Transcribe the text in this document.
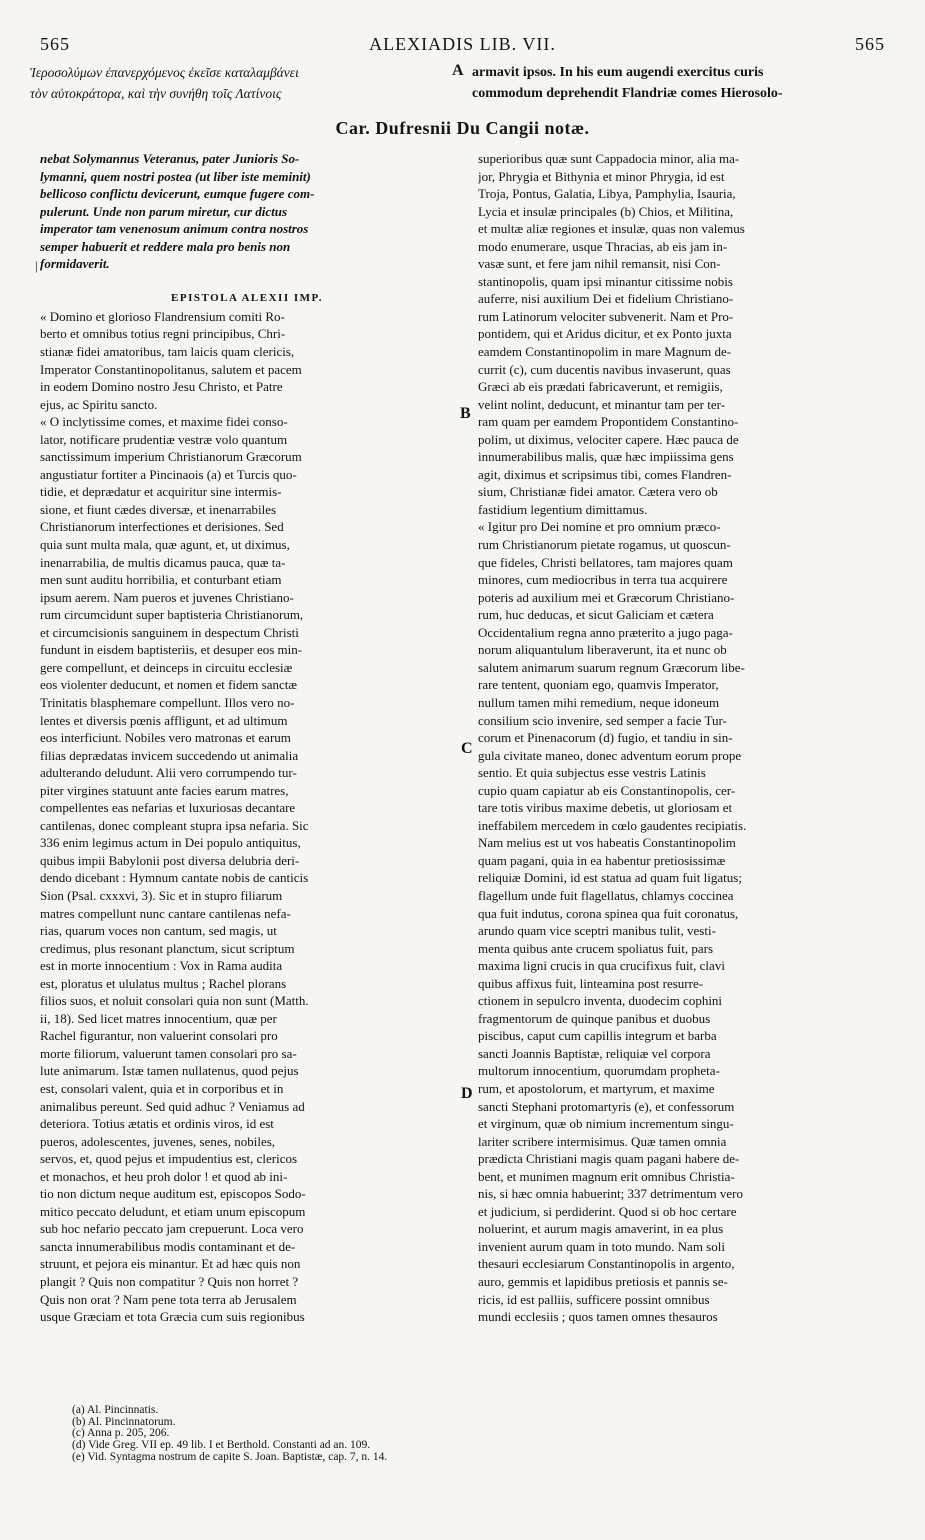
565	ALEXIADIS LIB. VII.	565

Ἱεροσολύμων ἐπανερχόμενος ἐκεῖσε καταλαμβάνει

τὸν αὐτοκράτορα, καὶ τὴν συνήθη τοῖς Λατίνοις

A armavit ipsos. In his eum augendi exercitus curis

commodum deprehendit Flandriæ comes Hierosolo-

Car. Dufresnii Du Cangii notæ.
|

nebat Solymannus Veteranus, pater Junioris So-

lymanni, quem nostri postea (ut liber iste meminit)

bellicoso conflictu devicerunt, eumque fugere com-

pulerunt. Unde non parum miretur, cur dictus

imperator tam venenosum animum contra nostros

semper habuerit et reddere mala pro benis non

formidaverit.

EPISTOLA ALEXII IMP.

« Domino et glorioso Flandrensium comiti Ro-

berto et omnibus totius regni principibus, Chri-

stianæ fidei amatoribus, tam laicis quam clericis,

Imperator Constantinopolitanus, salutem et pacem

in eodem Domino nostro Jesu Christo, et Patre

ejus, ac Spiritu sancto.

« O inclytissime comes, et maxime fidei conso-

lator, notificare prudentiæ vestræ volo quantum

sanctissimum imperium Christianorum Græcorum

angustiatur fortiter a Pincinaois (a) et Turcis quo-

tidie, et deprædatur et acquiritur sine intermis-

sione, et fiunt cædes diversæ, et inenarrabiles

Christianorum interfectiones et derisiones. Sed

quia sunt multa mala, quæ agunt, et, ut diximus,

inenarrabilia, de multis dicamus pauca, quæ ta-

men sunt auditu horribilia, et conturbant etiam

ipsum aerem. Nam pueros et juvenes Christiano-

rum circumcidunt super baptisteria Christianorum,

et circumcisionis sanguinem in despectum Christi

fundunt in eisdem baptisteriis, et desuper eos min-

gere compellunt, et deinceps in circuitu ecclesiæ

eos violenter deducunt, et nomen et fidem sanctæ

Trinitatis blasphemare compellunt. Illos vero no-

lentes et diversis pœnis affligunt, et ad ultimum

eos interficiunt. Nobiles vero matronas et earum

filias deprædatas invicem succedendo ut animalia

adulterando deludunt. Alii vero corrumpendo tur-

piter virgines statuunt ante facies earum matres,

compellentes eas nefarias et luxuriosas decantare

cantilenas, donec compleant stupra ipsa nefaria. Sic

336 enim legimus actum in Dei populo antiquitus,

quibus impii Babylonii post diversa delubria deri-

dendo dicebant : Hymnum cantate nobis de canticis

Sion (Psal. cxxxvi, 3). Sic et in stupro filiarum

matres compellunt nunc cantare cantilenas nefa-

rias, quarum voces non cantum, sed magis, ut

credimus, plus resonant planctum, sicut scriptum

est in morte innocentium : Vox in Rama audita

est, ploratus et ululatus multus ; Rachel plorans

filios suos, et noluit consolari quia non sunt (Matth.

ii, 18). Sed licet matres innocentium, quæ per

Rachel figurantur, non valuerint consolari pro

morte filiorum, valuerunt tamen consolari pro sa-

lute animarum. Istæ tamen nullatenus, quod pejus

est, consolari valent, quia et in corporibus et in

animalibus pereunt. Sed quid adhuc ? Veniamus ad

deteriora. Totius ætatis et ordinis viros, id est

pueros, adolescentes, juvenes, senes, nobiles,

servos, et, quod pejus et impudentius est, clericos

et monachos, et heu proh dolor ! et quod ab ini-

tio non dictum neque auditum est, episcopos Sodo-

mitico peccato deludunt, et etiam unum episcopum

sub hoc nefario peccato jam crepuerunt. Loca vero

sancta innumerabilibus modis contaminant et de-

struunt, et pejora eis minantur. Et ad hæc quis non

plangit ? Quis non compatitur ? Quis non horret ?

Quis non orat ? Nam pene tota terra ab Jerusalem

usque Græciam et tota Græcia cum suis regionibus

superioribus quæ sunt Cappadocia minor, alia ma-

jor, Phrygia et Bithynia et minor Phrygia, id est

Troja, Pontus, Galatia, Libya, Pamphylia, Isauria,

Lycia et insulæ principales (b) Chios, et Militina,

et multæ aliæ regiones et insulæ, quas non valemus

modo enumerare, usque Thracias, ab eis jam in-

vasæ sunt, et fere jam nihil remansit, nisi Con-

stantinopolis, quam ipsi minantur citissime nobis

auferre, nisi auxilium Dei et fidelium Christiano-

rum Latinorum velociter subvenerit. Nam et Pro-

pontidem, qui et Aridus dicitur, et ex Ponto juxta

eamdem Constantinopolim in mare Magnum de-

currit (c), cum ducentis navibus invaserunt, quas

Græci ab eis prædati fabricaverunt, et remigiis,

velint nolint, deducunt, et minantur tam per ter-

ram quam per eamdem Propontidem Constantino-

polim, ut diximus, velociter capere. Hæc pauca de

innumerabilibus malis, quæ hæc impiissima gens

agit, diximus et scripsimus tibi, comes Flandren-

sium, Christianæ fidei amator. Cætera vero ob

fastidium legentium dimittamus.

« Igitur pro Dei nomine et pro omnium præco-

rum Christianorum pietate rogamus, ut quoscun-

que fideles, Christi bellatores, tam majores quam

minores, cum mediocribus in terra tua acquirere

poteris ad auxilium mei et Græcorum Christiano-

rum, huc deducas, et sicut Galiciam et cætera

Occidentalium regna anno præterito a jugo paga-

norum aliquantulum liberaverunt, ita et nunc ob

salutem animarum suarum regnum Græcorum libe-

rare tentent, quoniam ego, quamvis Imperator,

nullum tamen mihi remedium, neque idoneum

consilium scio invenire, sed semper a facie Tur-

corum et Pinenacorum (d) fugio, et tandiu in sin-

gula civitate maneo, donec adventum eorum prope

sentio. Et quia subjectus esse vestris Latinis

cupio quam capiatur ab eis Constantinopolis, cer-

tare totis viribus maxime debetis, ut gloriosam et

ineffabilem mercedem in cœlo gaudentes recipiatis.

Nam melius est ut vos habeatis Constantinopolim

quam pagani, quia in ea habentur pretiosissimæ

reliquiæ Domini, id est statua ad quam fuit ligatus;

flagellum unde fuit flagellatus, chlamys coccinea

qua fuit indutus, corona spinea qua fuit coronatus,

arundo quam vice sceptri manibus tulit, vesti-

menta quibus ante crucem spoliatus fuit, pars

maxima ligni crucis in qua crucifixus fuit, clavi

quibus affixus fuit, linteamina post resurre-

ctionem in sepulcro inventa, duodecim cophini

fragmentorum de quinque panibus et duobus

piscibus, caput cum capillis integrum et barba

sancti Joannis Baptistæ, reliquiæ vel corpora

multorum innocentium, quorumdam propheta-

rum, et apostolorum, et martyrum, et maxime

sancti Stephani protomartyris (e), et confessorum

et virginum, quæ ob nimium incrementum singu-

lariter scribere intermisimus. Quæ tamen omnia

prædicta Christiani magis quam pagani habere de-

bent, et munimen magnum erit omnibus Christia-

nis, si hæc omnia habuerint; 337 detrimentum vero

et judicium, si perdiderint. Quod si ob hoc certare

noluerint, et aurum magis amaverint, in ea plus

invenient aurum quam in toto mundo. Nam soli

thesauri ecclesiarum Constantinopolis in argento,

auro, gemmis et lapidibus pretiosis et pannis se-

ricis, id est palliis, sufficere possint omnibus

mundi ecclesiis ; quos tamen omnes thesauros

B
C
D

(a) Al. Pincinnatis.

(b) Al. Pincinnatorum.

(c) Anna p. 205, 206.

(d) Vide Greg. VII ep. 49 lib. I et Berthold. Constanti ad an. 109.

(e) Vid. Syntagma nostrum de capite S. Joan. Baptistæ, cap. 7, n. 14.
